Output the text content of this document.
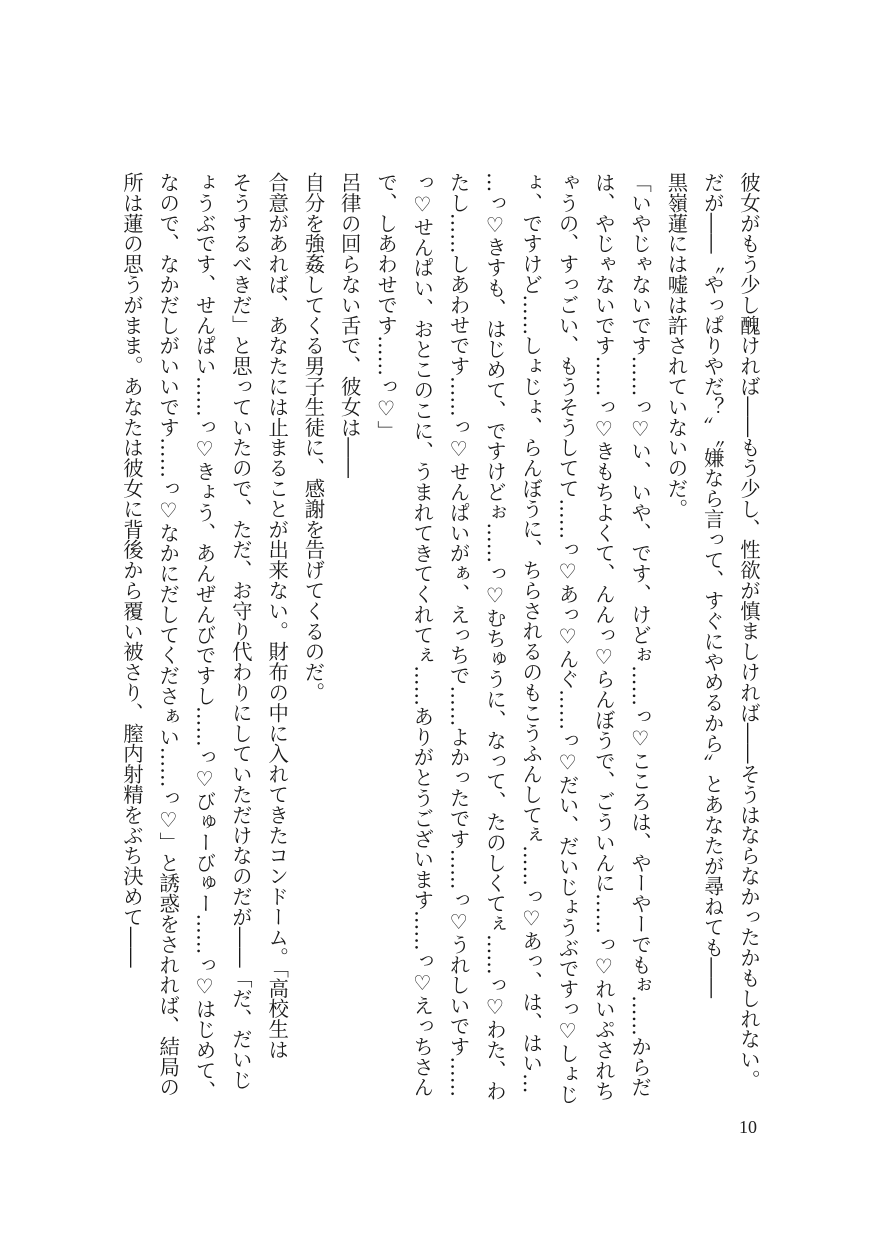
彼女がもう少し醜ければ――もう少し、性欲が慎ましければ――そうはならなかったかもしれない。

だが――〝やっぱりやだ？〟〝嫌なら言って、すぐにやめるから〟とあなたが尋ねても――

黒嶺蓮には嘘は許されていないのだ。

「いやじゃないです……っ♡い、いや、です、けどぉ……っ♡こころは、やーやーでもぉ……からだ

は、やじゃないです……っ♡きもちよくて、んんっ♡らんぼうで、ごういんに……っ♡れいぷされち

ゃうの、すっごい、もうそうしてて……っ♡あっ♡んぐ……っ♡だい、だいじょうぶですっ♡しょじ

ょ、ですけど……しょじょ、らんぼうに、ちらされるのもこうふんしてぇ……っ♡あっ、は、はい…

…っ♡きすも、はじめて、ですけどぉ……っ♡むちゅうに、なって、たのしくてぇ……っ♡わた、わ

たし……しあわせです……っ♡せんぱいがぁ、えっちで……よかったです……っ♡うれしいです……

っ♡せんぱい、おとこのこに、うまれてきてくれてぇ……ありがとうございます……っ♡えっちさん

で、しあわせです……っ♡」

呂律の回らない舌で、彼女は――

自分を強姦してくる男子生徒に、感謝を告げてくるのだ。

合意があれば、あなたには止まることが出来ない。財布の中に入れてきたコンドーム。「高校生は

そうするべきだ」と思っていたので、ただ、お守り代わりにしていただけなのだが――「だ、だいじ

ょうぶです、せんぱい……っ♡きょう、あんぜんびですし……っ♡びゅーびゅー……っ♡はじめて、

なので、なかだしがいいです……っ♡なかにだしてくださぁい……っ♡」と誘惑をされれば、結局の

所は蓮の思うがまま。あなたは彼女に背後から覆い被さり、膣内射精をぶち決めて――

10
